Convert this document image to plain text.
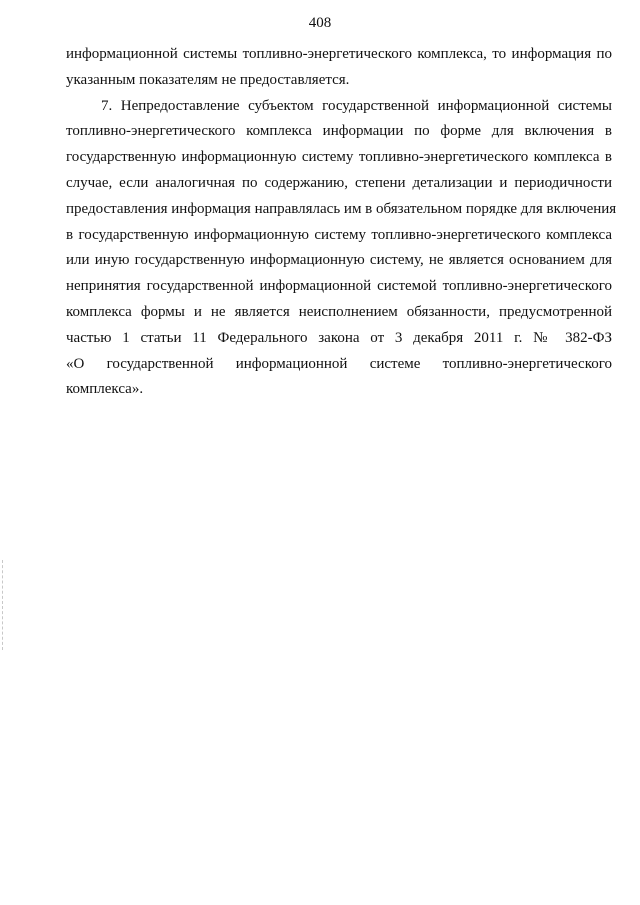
408
информационной системы топливно-энергетического комплекса, то информация по
указанным показателям не предоставляется.
7. Непредоставление субъектом государственной информационной системы
топливно-энергетического комплекса информации по форме для включения в
государственную информационную систему топливно-энергетического комплекса в
случае, если аналогичная по содержанию, степени детализации и периодичности
предоставления информация направлялась им в обязательном порядке для включения
в государственную информационную систему топливно-энергетического комплекса
или иную государственную информационную систему, не является основанием для
непринятия государственной информационной системой топливно-энергетического
комплекса формы и не является неисполнением обязанности, предусмотренной
частью 1 статьи 11 Федерального закона от 3 декабря 2011 г. № 382-ФЗ
«О государственной информационной системе топливно-энергетического
комплекса».
